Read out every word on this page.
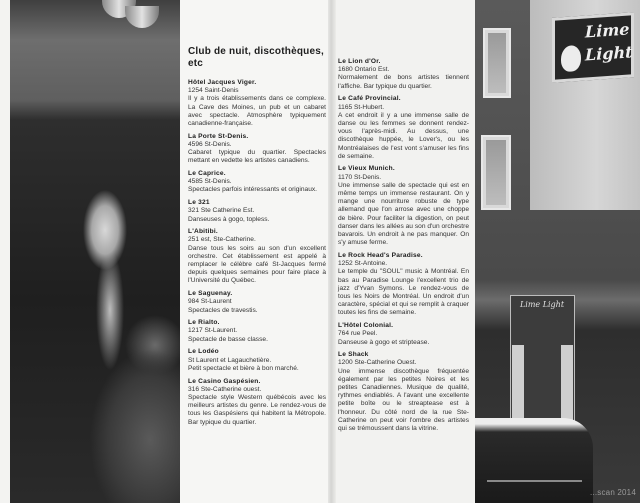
Club de nuit, discothèques, etc
Hôtel Jacques Viger.
1254 Saint-Denis
Il y a trois établissements dans ce complexe. La Cave des Moines, un pub et un cabaret avec spectacle. Atmosphère typiquement canadienne-française.
La Porte St-Denis.
4596 St-Denis.
Cabaret typique du quartier. Spectacles mettant en vedette les artistes canadiens.
Le Caprice.
4585 St-Denis.
Spectacles parfois intéressants et originaux.
Le 321
321 Ste Catherine Est.
Danseuses à gogo, topless.
L'Abitibi.
251 est, Ste-Catherine.
Danse tous les soirs au son d'un excellent orchestre. Cet établissement est appelé à remplacer le célèbre café St-Jacques fermé depuis quelques semaines pour faire place à l'Université du Québec.
Le Saguenay.
984 St-Laurent
Spectacles de travestis.
Le Rialto.
1217 St-Laurent.
Spectacle de basse classe.
Le Lodéo
St Laurent et Lagauchetière.
Petit spectacle et bière à bon marché.
Le Casino Gaspésien.
316 Ste-Catherine ouest.
Spectacle style Western québécois avec les meilleurs artistes du genre. Le rendez-vous de tous les Gaspésiens qui habitent la Métropole. Bar typique du quartier.
Le Lion d'Or.
1680 Ontario Est.
Normalement de bons artistes tiennent l'affiche. Bar typique du quartier.
Le Café Provincial.
1165 St-Hubert.
A cet endroit il y a une immense salle de danse ou les femmes se donnent rendez-vous l'après-midi. Au dessus, une discothèque huppée, le Lover's, ou les Montréalaises de l'est vont s'amuser les fins de semaine.
Le Vieux Munich.
1170 St-Denis.
Une immense salle de spectacle qui est en même temps un immense restaurant. On y mange une nourriture robuste de type allemand que l'on arrose avec une choppe de bière. Pour faciliter la digestion, on peut danser dans les allées au son d'un orchestre bavarois. Un endroit à ne pas manquer. On s'y amuse ferme.
Le Rock Head's Paradise.
1252 St-Antoine.
Le temple du "SOUL" music à Montréal. En bas au Paradise Lounge l'excellent trio de jazz d'Yvan Symons. Le rendez-vous de tous les Noirs de Montréal. Un endroit d'un caractère, spécial et qui se remplit à craquer toutes les fins de semaine.
L'Hôtel Colonial.
764 rue Peel.
Danseuse à gogo et striptease.
Le Shack
1200 Ste-Catherine Ouest.
Une immense discothèque fréquentée également par les petites Noires et les petites Canadiennes. Musique de qualité, rythmes endiablés. A l'avant une excellente petite boîte ou le streaptease est à l'honneur. Du côté nord de la rue Ste-Catherine on peut voir l'ombre des artistes qui se trémoussent dans la vitrine.
Lime
Light
Lime Light
...scan 2014
